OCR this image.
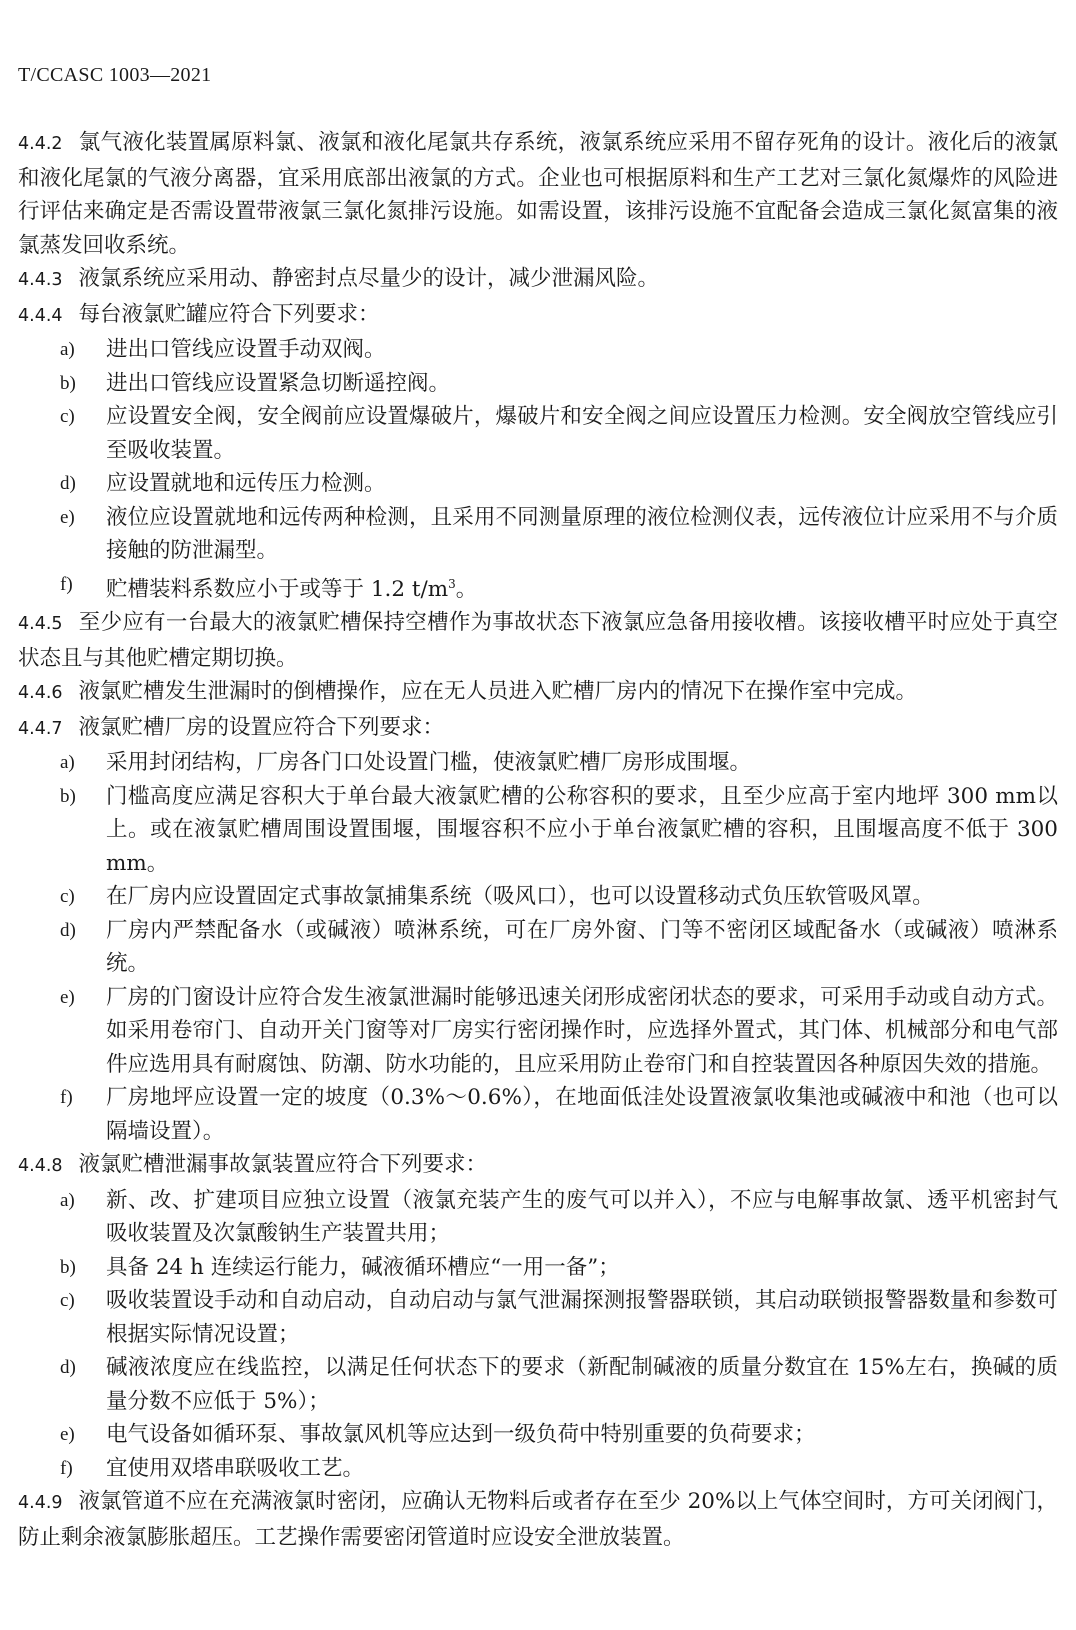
T/CCASC 1003—2021

4.4.2 氯气液化装置属原料氯、液氯和液化尾氯共存系统，液氯系统应采用不留存死角的设计。液化后的液氯和液化尾氯的气液分离器，宜采用底部出液氯的方式。企业也可根据原料和生产工艺对三氯化氮爆炸的风险进行评估来确定是否需设置带液氯三氯化氮排污设施。如需设置，该排污设施不宜配备会造成三氯化氮富集的液氯蒸发回收系统。

4.4.3 液氯系统应采用动、静密封点尽量少的设计，减少泄漏风险。

4.4.4 每台液氯贮罐应符合下列要求：

a)	进出口管线应设置手动双阀。
b)	进出口管线应设置紧急切断遥控阀。
c)	应设置安全阀，安全阀前应设置爆破片，爆破片和安全阀之间应设置压力检测。安全阀放空管线应引至吸收装置。
d)	应设置就地和远传压力检测。
e)	液位应设置就地和远传两种检测，且采用不同测量原理的液位检测仪表，远传液位计应采用不与介质接触的防泄漏型。
f)	贮槽装料系数应小于或等于 1.2 $t/m^3$。

4.4.5 至少应有一台最大的液氯贮槽保持空槽作为事故状态下液氯应急备用接收槽。该接收槽平时应处于真空状态且与其他贮槽定期切换。

4.4.6 液氯贮槽发生泄漏时的倒槽操作，应在无人员进入贮槽厂房内的情况下在操作室中完成。

4.4.7 液氯贮槽厂房的设置应符合下列要求：

a)	采用封闭结构，厂房各门口处设置门槛，使液氯贮槽厂房形成围堰。
b)	门槛高度应满足容积大于单台最大液氯贮槽的公称容积的要求，且至少应高于室内地坪 300 mm以上。或在液氯贮槽周围设置围堰，围堰容积不应小于单台液氯贮槽的容积，且围堰高度不低于 300 mm。
c)	在厂房内应设置固定式事故氯捕集系统（吸风口），也可以设置移动式负压软管吸风罩。
d)	厂房内严禁配备水（或碱液）喷淋系统，可在厂房外窗、门等不密闭区域配备水（或碱液）喷淋系统。
e)	厂房的门窗设计应符合发生液氯泄漏时能够迅速关闭形成密闭状态的要求，可采用手动或自动方式。如采用卷帘门、自动开关门窗等对厂房实行密闭操作时，应选择外置式，其门体、机械部分和电气部件应选用具有耐腐蚀、防潮、防水功能的，且应采用防止卷帘门和自控装置因各种原因失效的措施。
f)	厂房地坪应设置一定的坡度（0.3%～0.6%），在地面低洼处设置液氯收集池或碱液中和池（也可以隔墙设置）。

4.4.8 液氯贮槽泄漏事故氯装置应符合下列要求：

a)	新、改、扩建项目应独立设置（液氯充装产生的废气可以并入），不应与电解事故氯、透平机密封气吸收装置及次氯酸钠生产装置共用；
b)	具备 24 h 连续运行能力，碱液循环槽应“一用一备”；
c)	吸收装置设手动和自动启动，自动启动与氯气泄漏探测报警器联锁，其启动联锁报警器数量和参数可根据实际情况设置；
d)	碱液浓度应在线监控，以满足任何状态下的要求（新配制碱液的质量分数宜在 15%左右，换碱的质量分数不应低于 5%）；
e)	电气设备如循环泵、事故氯风机等应达到一级负荷中特别重要的负荷要求；
f)	宜使用双塔串联吸收工艺。

4.4.9 液氯管道不应在充满液氯时密闭，应确认无物料后或者存在至少 20%以上气体空间时，方可关闭阀门，防止剩余液氯膨胀超压。工艺操作需要密闭管道时应设安全泄放装置。
